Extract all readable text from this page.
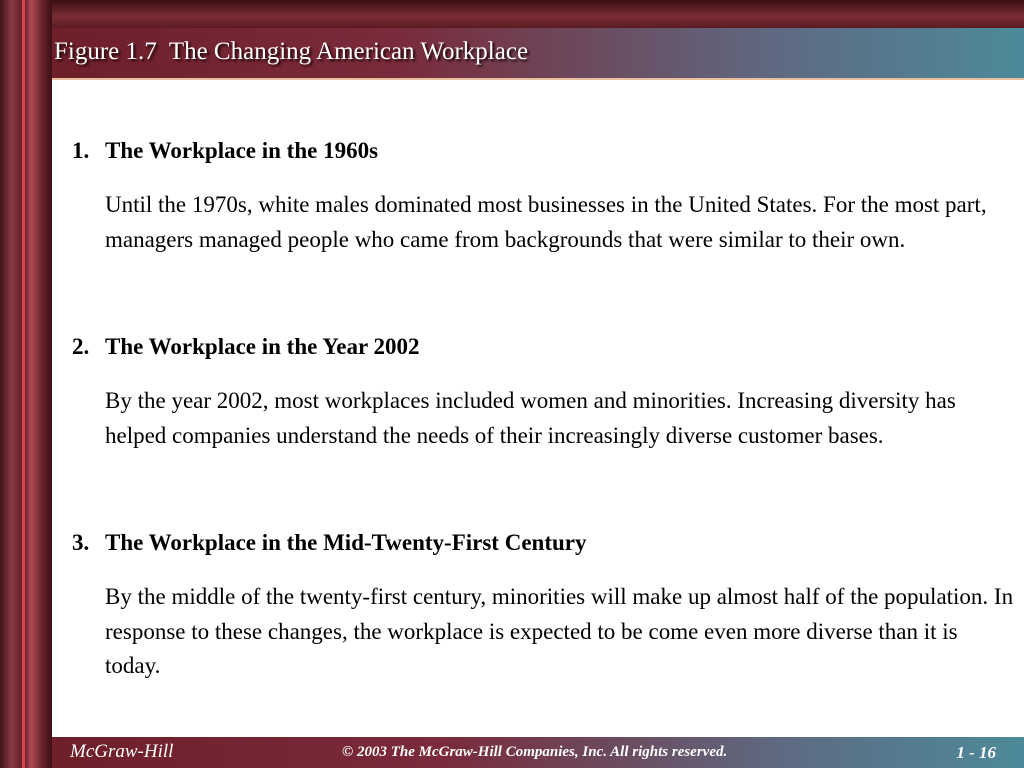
Figure 1.7  The Changing American Workplace
1. The Workplace in the 1960s
Until the 1970s, white males dominated most businesses in the United States. For the most part, managers managed people who came from backgrounds that were similar to their own.
2. The Workplace in the Year 2002
By the year 2002, most workplaces included women and minorities. Increasing diversity has helped companies understand the needs of their increasingly diverse customer bases.
3. The Workplace in the Mid-Twenty-First Century
By the middle of the twenty-first century, minorities will make up almost half of the population. In response to these changes, the workplace is expected to be come even more diverse than it is today.
McGraw-Hill	© 2003 The McGraw-Hill Companies, Inc. All rights reserved.	1 - 16
